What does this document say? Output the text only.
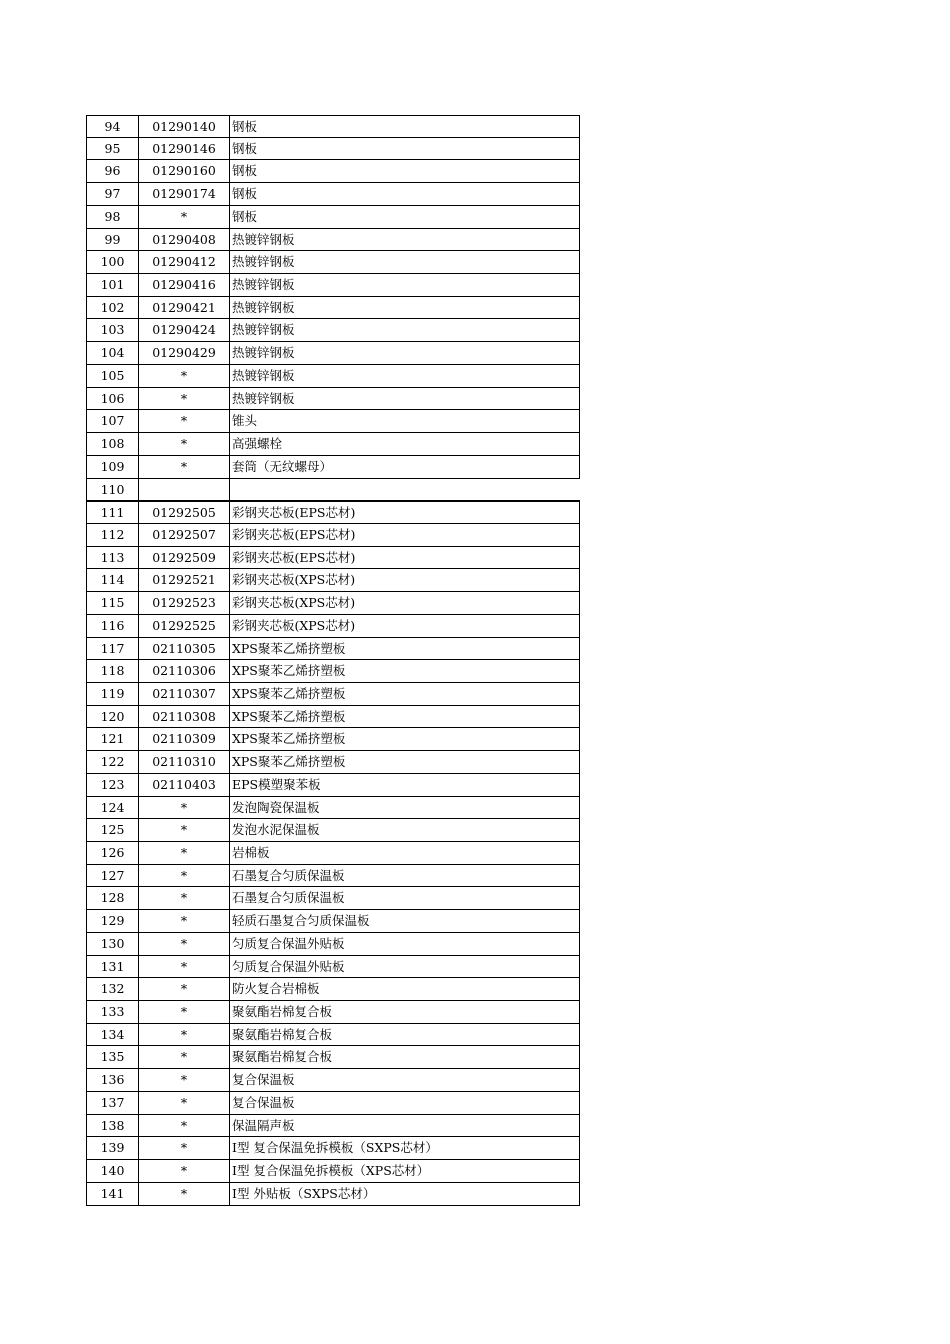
94	01290140	钢板
95	01290146	钢板
96	01290160	钢板
97	01290174	钢板
98	*	钢板
99	01290408	热镀锌钢板
100	01290412	热镀锌钢板
101	01290416	热镀锌钢板
102	01290421	热镀锌钢板
103	01290424	热镀锌钢板
104	01290429	热镀锌钢板
105	*	热镀锌钢板
106	*	热镀锌钢板
107	*	锥头
108	*	高强螺栓
109	*	套筒（无纹螺母）
110
111	01292505	彩钢夹芯板(EPS芯材)
112	01292507	彩钢夹芯板(EPS芯材)
113	01292509	彩钢夹芯板(EPS芯材)
114	01292521	彩钢夹芯板(XPS芯材)
115	01292523	彩钢夹芯板(XPS芯材)
116	01292525	彩钢夹芯板(XPS芯材)
117	02110305	XPS聚苯乙烯挤塑板
118	02110306	XPS聚苯乙烯挤塑板
119	02110307	XPS聚苯乙烯挤塑板
120	02110308	XPS聚苯乙烯挤塑板
121	02110309	XPS聚苯乙烯挤塑板
122	02110310	XPS聚苯乙烯挤塑板
123	02110403	EPS模塑聚苯板
124	*	发泡陶瓷保温板
125	*	发泡水泥保温板
126	*	岩棉板
127	*	石墨复合匀质保温板
128	*	石墨复合匀质保温板
129	*	轻质石墨复合匀质保温板
130	*	匀质复合保温外贴板
131	*	匀质复合保温外贴板
132	*	防火复合岩棉板
133	*	聚氨酯岩棉复合板
134	*	聚氨酯岩棉复合板
135	*	聚氨酯岩棉复合板
136	*	复合保温板
137	*	复合保温板
138	*	保温隔声板
139	*	Ⅰ型 复合保温免拆模板（SXPS芯材）
140	*	Ⅰ型 复合保温免拆模板（XPS芯材）
141	*	Ⅰ型 外贴板（SXPS芯材）
